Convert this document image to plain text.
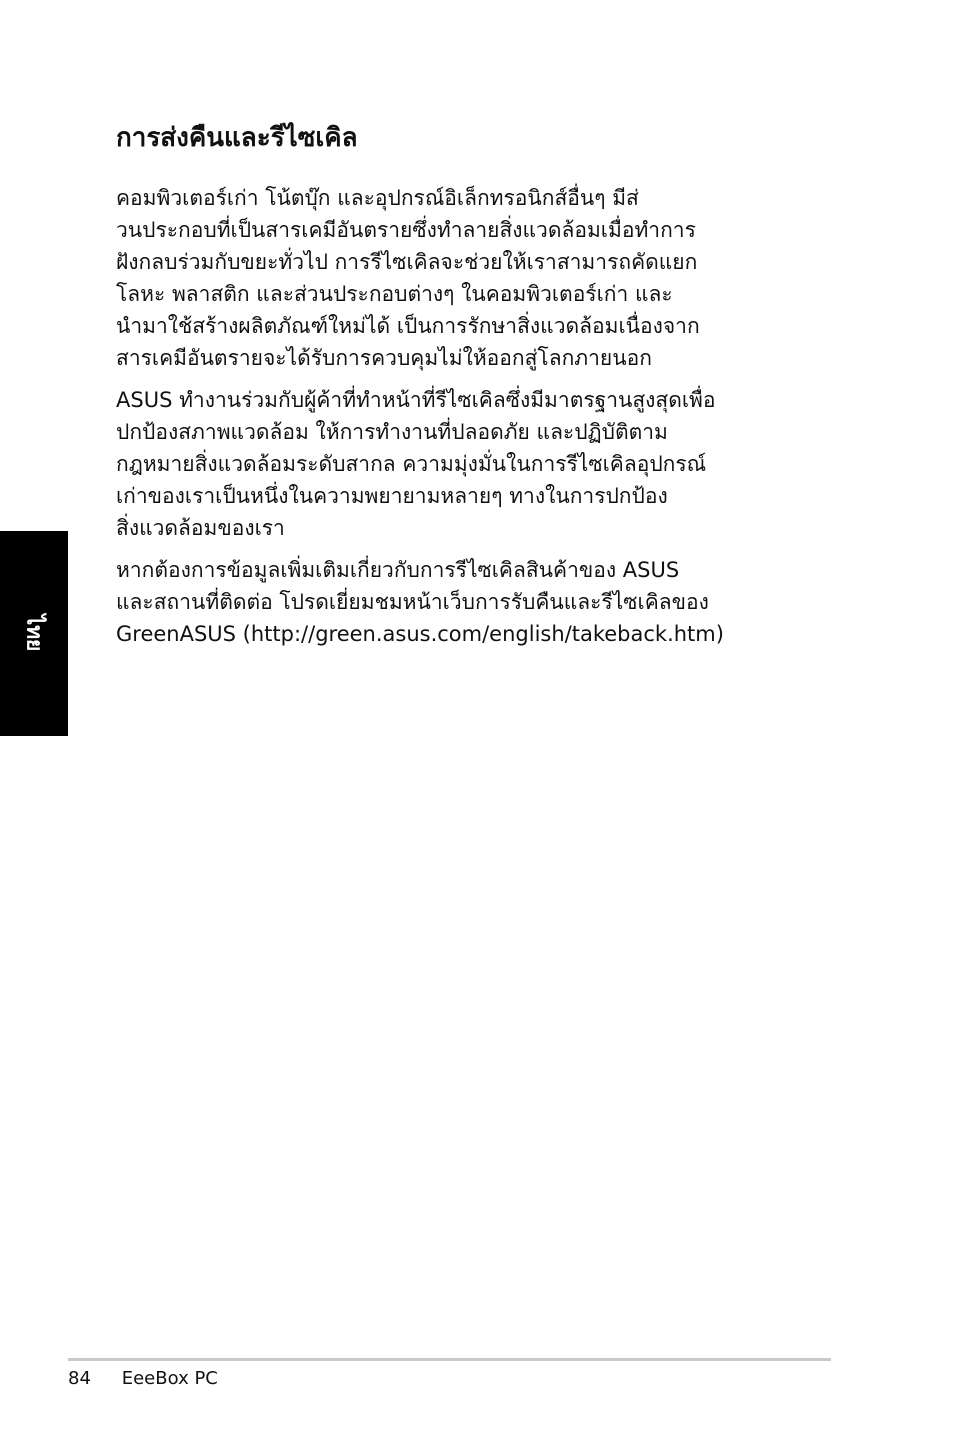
ไทย
การส่งคืนและรีไซเคิล

คอมพิวเตอร์เก่า โน้ตบุ๊ก และอุปกรณ์อิเล็กทรอนิกส์อื่นๆ มีส่
วนประกอบที่เป็นสารเคมีอันตรายซึ่งทำลายสิ่งแวดล้อมเมื่อทำการ
ฝังกลบร่วมกับขยะทั่วไป การรีไซเคิลจะช่วยให้เราสามารถคัดแยก
โลหะ พลาสติก และส่วนประกอบต่างๆ ในคอมพิวเตอร์เก่า และ
นำมาใช้สร้างผลิตภัณฑ์ใหม่ได้ เป็นการรักษาสิ่งแวดล้อมเนื่องจาก
สารเคมีอันตรายจะได้รับการควบคุมไม่ให้ออกสู่โลกภายนอก

ASUS ทำงานร่วมกับผู้ค้าที่ทำหน้าที่รีไซเคิลซึ่งมีมาตรฐานสูงสุดเพื่อ
ปกป้องสภาพแวดล้อม ให้การทำงานที่ปลอดภัย และปฏิบัติตาม
กฎหมายสิ่งแวดล้อมระดับสากล ความมุ่งมั่นในการรีไซเคิลอุปกรณ์
เก่าของเราเป็นหนึ่งในความพยายามหลายๆ ทางในการปกป้อง
สิ่งแวดล้อมของเรา

หากต้องการข้อมูลเพิ่มเติมเกี่ยวกับการรีไซเคิลสินค้าของ ASUS
และสถานที่ติดต่อ โปรดเยี่ยมชมหน้าเว็บการรับคืนและรีไซเคิลของ
GreenASUS (http://green.asus.com/english/takeback.htm)

84 EeeBox PC
